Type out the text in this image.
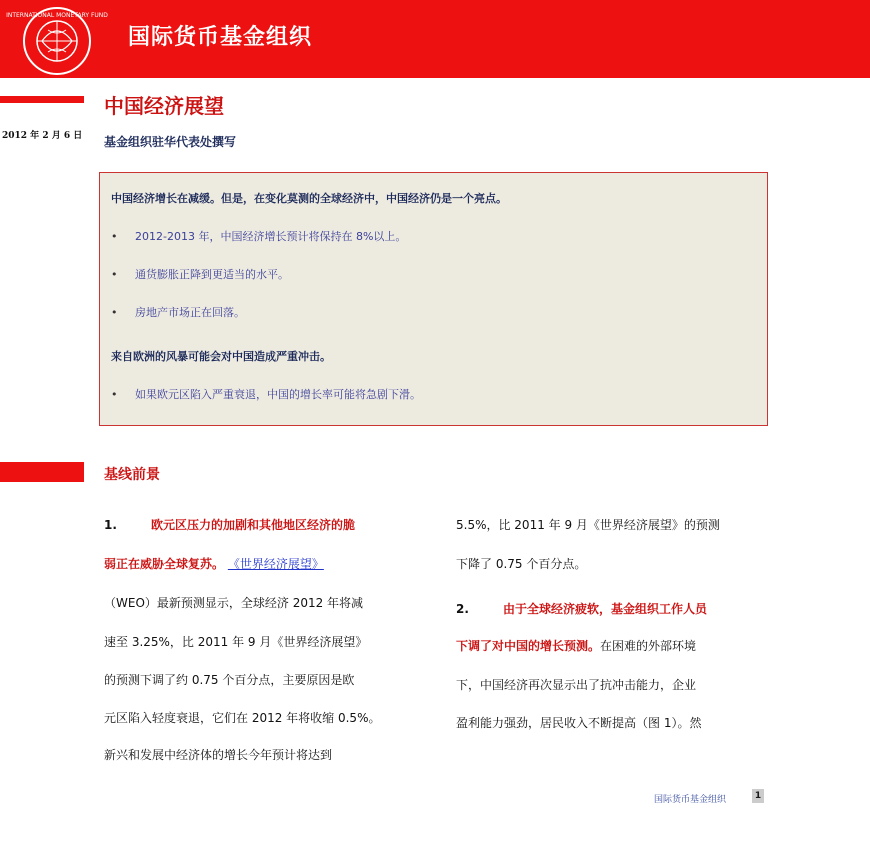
INTERNATIONAL MONETARY FUND
国际货币基金组织
中国经济展望
2012 年 2 月 6 日 基金组织驻华代表处撰写
中国经济增长在减缓。但是，在变化莫测的全球经济中，中国经济仍是一个亮点。
• 2012-2013 年，中国经济增长预计将保持在 8%以上。
• 通货膨胀正降到更适当的水平。
• 房地产市场正在回落。
来自欧洲的风暴可能会对中国造成严重冲击。
• 如果欧元区陷入严重衰退，中国的增长率可能将急剧下滑。
基线前景
1.	欧元区压力的加剧和其他地区经济的脆
弱正在威胁全球复苏。 《世界经济展望》
（WEO）最新预测显示，全球经济 2012 年将减
速至 3.25%，比 2011 年 9 月《世界经济展望》
的预测下调了约 0.75 个百分点，主要原因是欧
元区陷入轻度衰退，它们在 2012 年将收缩 0.5%。
新兴和发展中经济体的增长今年预计将达到
5.5%，比 2011 年 9 月《世界经济展望》的预测
下降了 0.75 个百分点。
2.	由于全球经济疲软，基金组织工作人员
下调了对中国的增长预测。在困难的外部环境
下，中国经济再次显示出了抗冲击能力，企业
盈利能力强劲，居民收入不断提高（图 1）。然
国际货币基金组织	1
